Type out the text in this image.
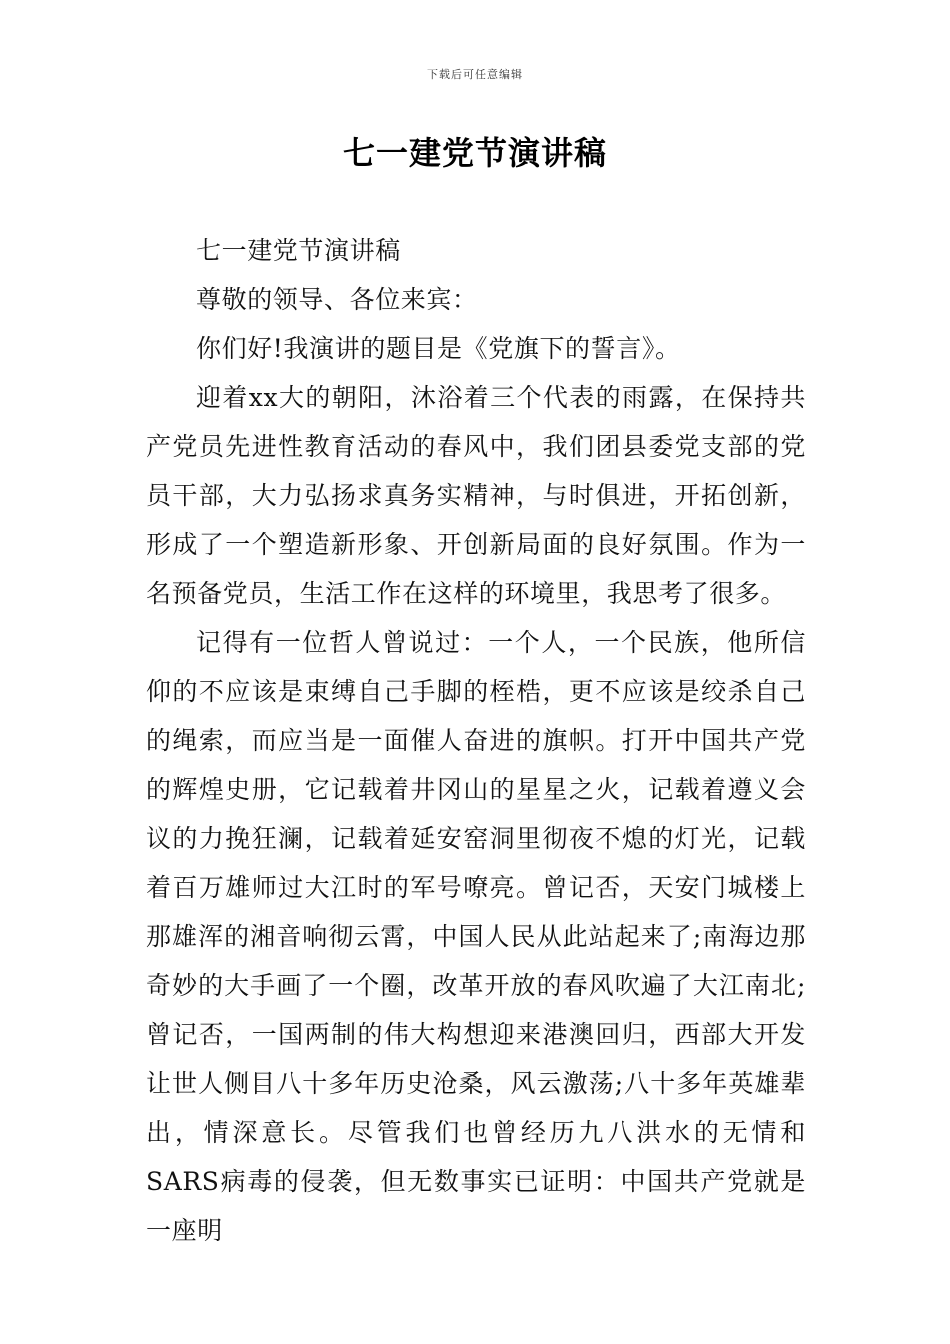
下载后可任意编辑
七一建党节演讲稿

七一建党节演讲稿

尊敬的领导、各位来宾：

你们好!我演讲的题目是《党旗下的誓言》。

迎着xx大的朝阳，沐浴着三个代表的雨露，在保持共产党员先进性教育活动的春风中，我们团县委党支部的党员干部，大力弘扬求真务实精神，与时俱进，开拓创新，形成了一个塑造新形象、开创新局面的良好氛围。作为一名预备党员，生活工作在这样的环境里，我思考了很多。

记得有一位哲人曾说过：一个人，一个民族，他所信仰的不应该是束缚自己手脚的桎梏，更不应该是绞杀自己的绳索，而应当是一面催人奋进的旗帜。打开中国共产党的辉煌史册，它记载着井冈山的星星之火，记载着遵义会议的力挽狂澜，记载着延安窑洞里彻夜不熄的灯光，记载着百万雄师过大江时的军号嘹亮。曾记否，天安门城楼上那雄浑的湘音响彻云霄，中国人民从此站起来了;南海边那奇妙的大手画了一个圈，改革开放的春风吹遍了大江南北;曾记否，一国两制的伟大构想迎来港澳回归，西部大开发让世人侧目八十多年历史沧桑，风云激荡;八十多年英雄辈出，情深意长。尽管我们也曾经历九八洪水的无情和SARS病毒的侵袭，但无数事实已证明：中国共产党就是一座明
